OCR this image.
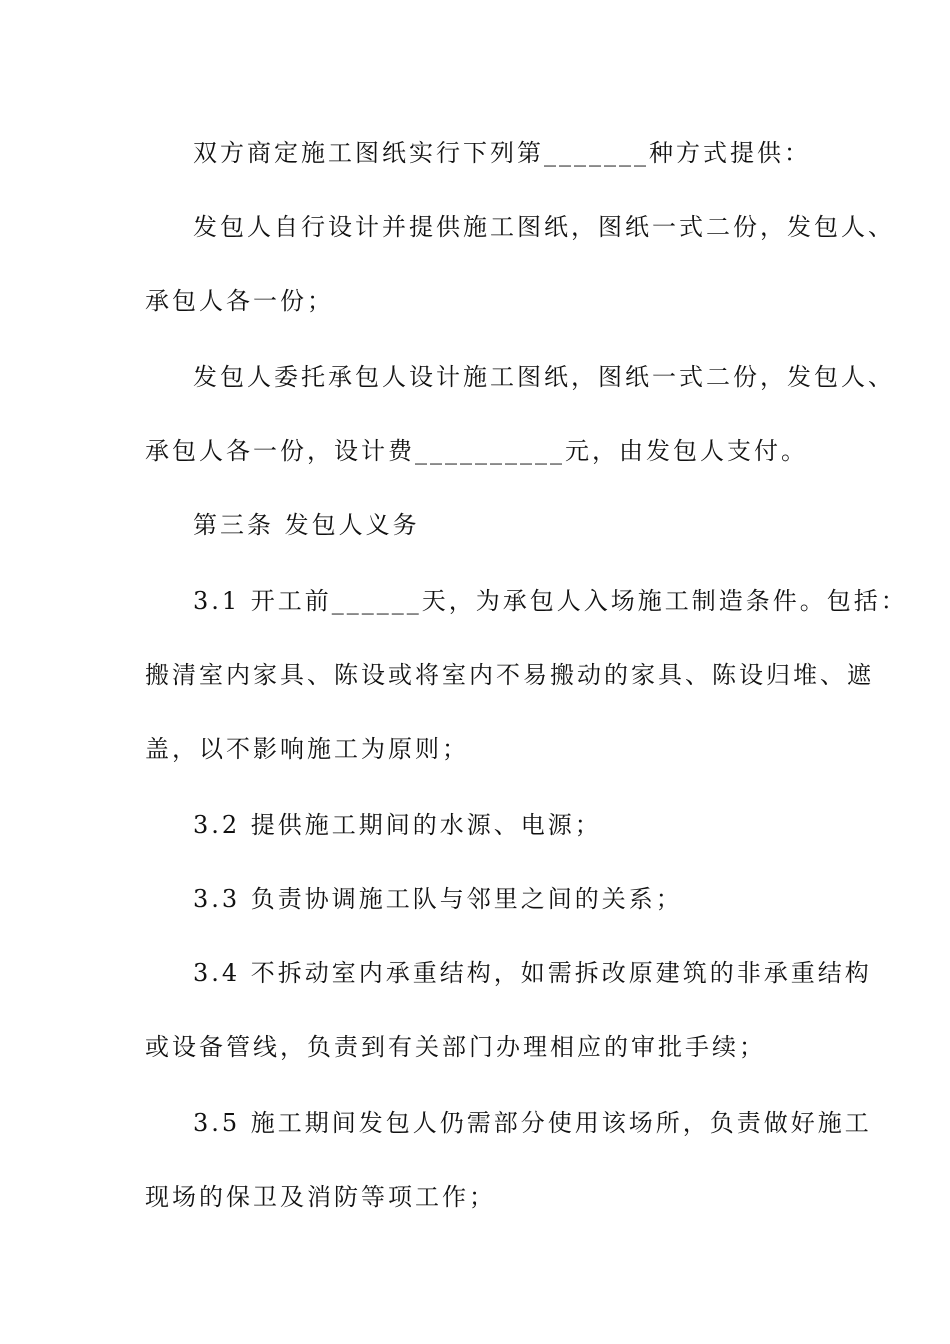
双方商定施工图纸实行下列第_______种方式提供：
发包人自行设计并提供施工图纸，图纸一式二份，发包人、
承包人各一份；
发包人委托承包人设计施工图纸，图纸一式二份，发包人、
承包人各一份，设计费__________元，由发包人支付。
第三条 发包人义务
3.1 开工前______天，为承包人入场施工制造条件。包括：
搬清室内家具、陈设或将室内不易搬动的家具、陈设归堆、遮
盖，以不影响施工为原则；
3.2 提供施工期间的水源、电源；
3.3 负责协调施工队与邻里之间的关系；
3.4 不拆动室内承重结构，如需拆改原建筑的非承重结构
或设备管线，负责到有关部门办理相应的审批手续；
3.5 施工期间发包人仍需部分使用该场所，负责做好施工
现场的保卫及消防等项工作；
